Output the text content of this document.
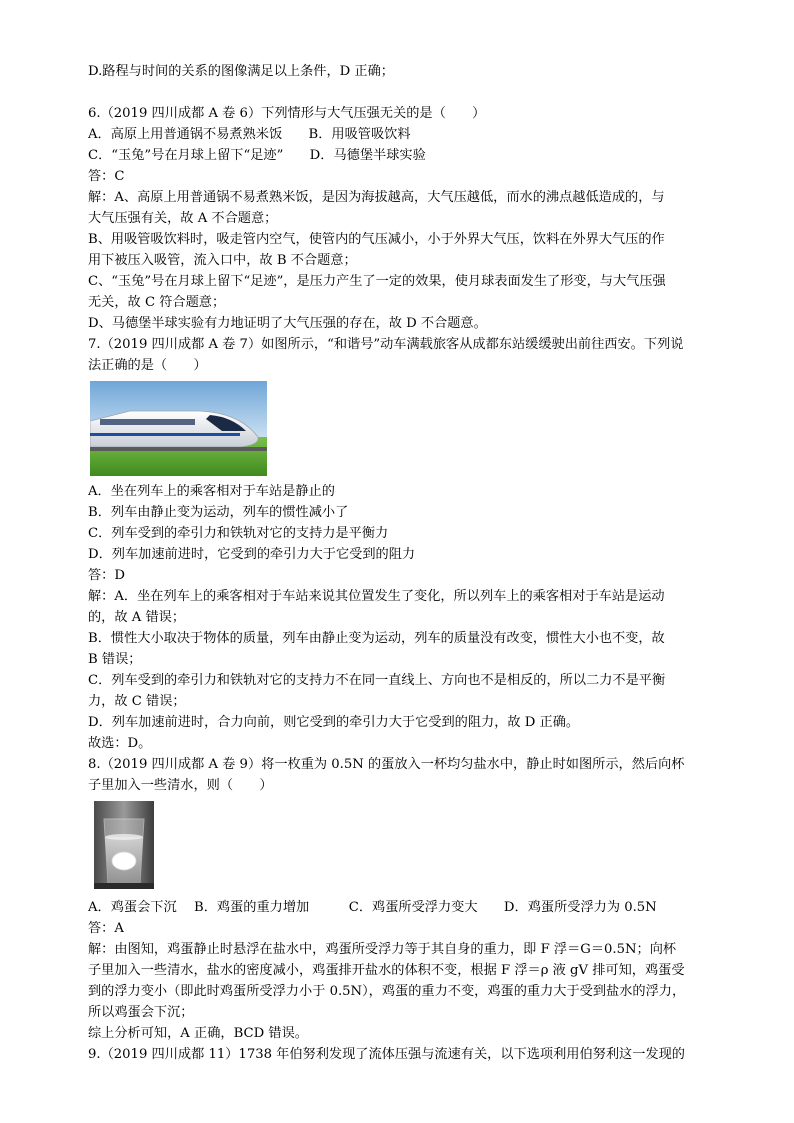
D.路程与时间的关系的图像满足以上条件，D 正确；
6.（2019 四川成都 A 卷 6）下列情形与大气压强无关的是（　　）
A．高原上用普通锅不易煮熟米饭　　B．用吸管吸饮料
C．“玉兔”号在月球上留下“足迹”　　D．马德堡半球实验
答：C
解：A、高原上用普通锅不易煮熟米饭，是因为海拔越高，大气压越低，而水的沸点越低造成的，与
大气压强有关，故 A 不合题意；
B、用吸管吸饮料时，吸走管内空气，使管内的气压减小，小于外界大气压，饮料在外界大气压的作
用下被压入吸管，流入口中，故 B 不合题意；
C、“玉兔”号在月球上留下“足迹”，是压力产生了一定的效果，使月球表面发生了形变，与大气压强
无关，故 C 符合题意；
D、马德堡半球实验有力地证明了大气压强的存在，故 D 不合题意。
7.（2019 四川成都 A 卷 7）如图所示，“和谐号”动车满载旅客从成都东站缓缓驶出前往西安。下列说
法正确的是（　　）
A．坐在列车上的乘客相对于车站是静止的
B．列车由静止变为运动，列车的惯性减小了
C．列车受到的牵引力和铁轨对它的支持力是平衡力
D．列车加速前进时，它受到的牵引力大于它受到的阻力
答：D
解：A．坐在列车上的乘客相对于车站来说其位置发生了变化，所以列车上的乘客相对于车站是运动
的，故 A 错误；
B．惯性大小取决于物体的质量，列车由静止变为运动，列车的质量没有改变，惯性大小也不变，故
B 错误；
C．列车受到的牵引力和铁轨对它的支持力不在同一直线上、方向也不是相反的，所以二力不是平衡
力，故 C 错误；
D．列车加速前进时，合力向前，则它受到的牵引力大于它受到的阻力，故 D 正确。
故选：D。
8.（2019 四川成都 A 卷 9）将一枚重为 0.5N 的蛋放入一杯均匀盐水中，静止时如图所示，然后向杯
子里加入一些清水，则（　　）
A．鸡蛋会下沉　 B．鸡蛋的重力增加　　　C．鸡蛋所受浮力变大　　D．鸡蛋所受浮力为 0.5N
答：A
解：由图知，鸡蛋静止时悬浮在盐水中，鸡蛋所受浮力等于其自身的重力，即 F 浮＝G＝0.5N；向杯
子里加入一些清水，盐水的密度减小，鸡蛋排开盐水的体积不变，根据 F 浮＝ρ 液 gV 排可知，鸡蛋受
到的浮力变小（即此时鸡蛋所受浮力小于 0.5N），鸡蛋的重力不变，鸡蛋的重力大于受到盐水的浮力，
所以鸡蛋会下沉；
综上分析可知，A 正确，BCD 错误。
9.（2019 四川成都 11）1738 年伯努利发现了流体压强与流速有关，以下选项利用伯努利这一发现的
